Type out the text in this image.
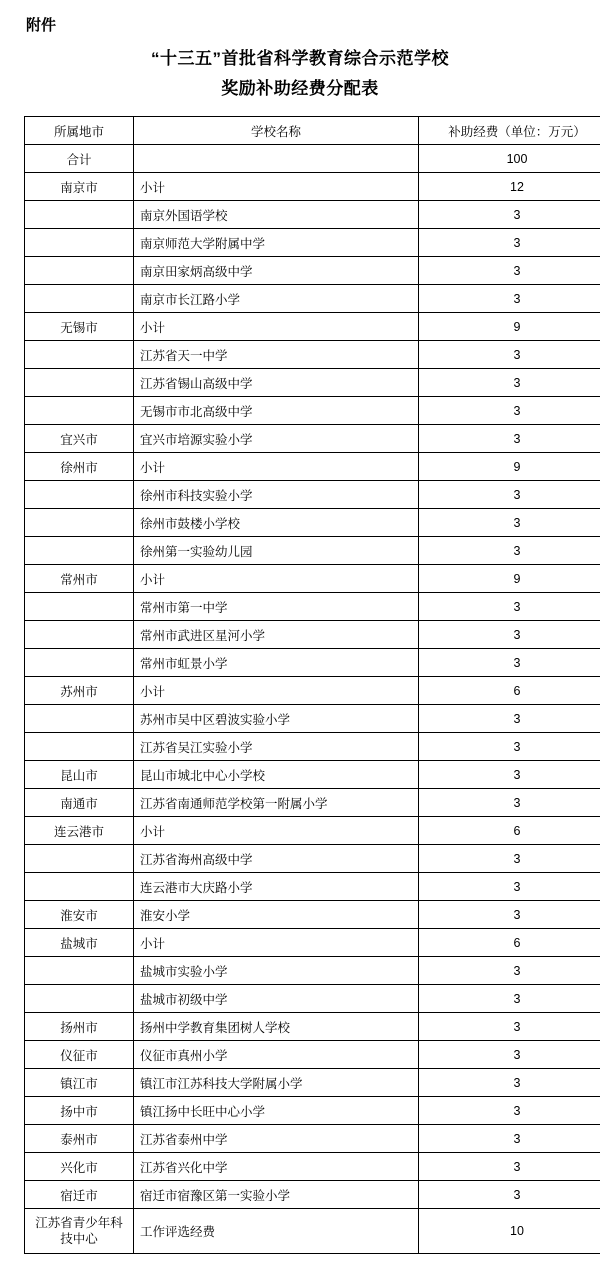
附件
“十三五”首批省科学教育综合示范学校
奖励补助经费分配表
所属地市	学校名称	补助经费（单位：万元）
合计		100
南京市	小计	12
	南京外国语学校	3
	南京师范大学附属中学	3
	南京田家炳高级中学	3
	南京市长江路小学	3
无锡市	小计	9
	江苏省天一中学	3
	江苏省锡山高级中学	3
	无锡市市北高级中学	3
宜兴市	宜兴市培源实验小学	3
徐州市	小计	9
	徐州市科技实验小学	3
	徐州市鼓楼小学校	3
	徐州第一实验幼儿园	3
常州市	小计	9
	常州市第一中学	3
	常州市武进区星河小学	3
	常州市虹景小学	3
苏州市	小计	6
	苏州市吴中区碧波实验小学	3
	江苏省吴江实验小学	3
昆山市	昆山市城北中心小学校	3
南通市	江苏省南通师范学校第一附属小学	3
连云港市	小计	6
	江苏省海州高级中学	3
	连云港市大庆路小学	3
淮安市	淮安小学	3
盐城市	小计	6
	盐城市实验小学	3
	盐城市初级中学	3
扬州市	扬州中学教育集团树人学校	3
仪征市	仪征市真州小学	3
镇江市	镇江市江苏科技大学附属小学	3
扬中市	镇江扬中长旺中心小学	3
泰州市	江苏省泰州中学	3
兴化市	江苏省兴化中学	3
宿迁市	宿迁市宿豫区第一实验小学	3
江苏省青少年科技中心	工作评选经费	10
